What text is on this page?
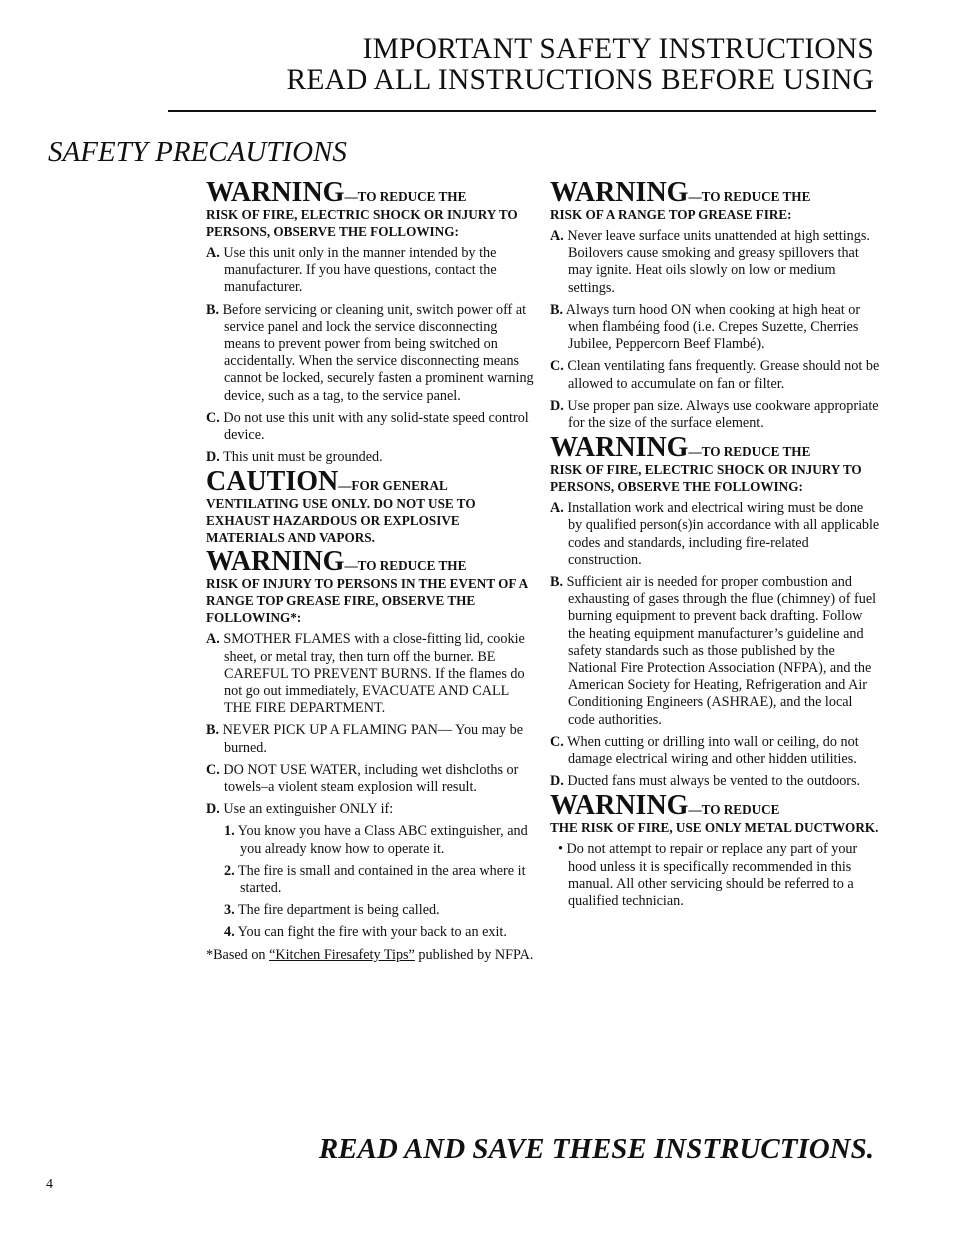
IMPORTANT SAFETY INSTRUCTIONS
READ ALL INSTRUCTIONS BEFORE USING
SAFETY PRECAUTIONS
WARNING—TO REDUCE THE
RISK OF FIRE, ELECTRIC SHOCK OR INJURY TO PERSONS, OBSERVE THE FOLLOWING:
A. Use this unit only in the manner intended by the manufacturer. If you have questions, contact the manufacturer.
B. Before servicing or cleaning unit, switch power off at service panel and lock the service disconnecting means to prevent power from being switched on accidentally. When the service disconnecting means cannot be locked, securely fasten a prominent warning device, such as a tag, to the service panel.
C. Do not use this unit with any solid-state speed control device.
D. This unit must be grounded.
CAUTION—FOR GENERAL
VENTILATING USE ONLY. DO NOT USE TO EXHAUST HAZARDOUS OR EXPLOSIVE MATERIALS AND VAPORS.
WARNING—TO REDUCE THE
RISK OF INJURY TO PERSONS IN THE EVENT OF A RANGE TOP GREASE FIRE, OBSERVE THE FOLLOWING*:
A. SMOTHER FLAMES with a close-fitting lid, cookie sheet, or metal tray, then turn off the burner. BE CAREFUL TO PREVENT BURNS. If the flames do not go out immediately, EVACUATE AND CALL THE FIRE DEPARTMENT.
B. NEVER PICK UP A FLAMING PAN— You may be burned.
C. DO NOT USE WATER, including wet dishcloths or towels–a violent steam explosion will result.
D. Use an extinguisher ONLY if:
1. You know you have a Class ABC extinguisher, and you already know how to operate it.
2. The fire is small and contained in the area where it started.
3. The fire department is being called.
4. You can fight the fire with your back to an exit.
*Based on “Kitchen Firesafety Tips” published by NFPA.
WARNING—TO REDUCE THE
RISK OF A RANGE TOP GREASE FIRE:
A. Never leave surface units unattended at high settings. Boilovers cause smoking and greasy spillovers that may ignite. Heat oils slowly on low or medium settings.
B. Always turn hood ON when cooking at high heat or when flambéing food (i.e. Crepes Suzette, Cherries Jubilee, Peppercorn Beef Flambé).
C. Clean ventilating fans frequently. Grease should not be allowed to accumulate on fan or filter.
D. Use proper pan size. Always use cookware appropriate for the size of the surface element.
WARNING—TO REDUCE THE
RISK OF FIRE, ELECTRIC SHOCK OR INJURY TO PERSONS, OBSERVE THE FOLLOWING:
A. Installation work and electrical wiring must be done by qualified person(s)in accordance with all applicable codes and standards, including fire-related construction.
B. Sufficient air is needed for proper combustion and exhausting of gases through the flue (chimney) of fuel burning equipment to prevent back drafting. Follow the heating equipment manufacturer’s guideline and safety standards such as those published by the National Fire Protection Association (NFPA), and the American Society for Heating, Refrigeration and Air Conditioning Engineers (ASHRAE), and the local code authorities.
C. When cutting or drilling into wall or ceiling, do not damage electrical wiring and other hidden utilities.
D. Ducted fans must always be vented to the outdoors.
WARNING—TO REDUCE
THE RISK OF FIRE, USE ONLY METAL DUCTWORK.
• Do not attempt to repair or replace any part of your hood unless it is specifically recommended in this manual. All other servicing should be referred to a qualified technician.
READ AND SAVE THESE INSTRUCTIONS.
4
